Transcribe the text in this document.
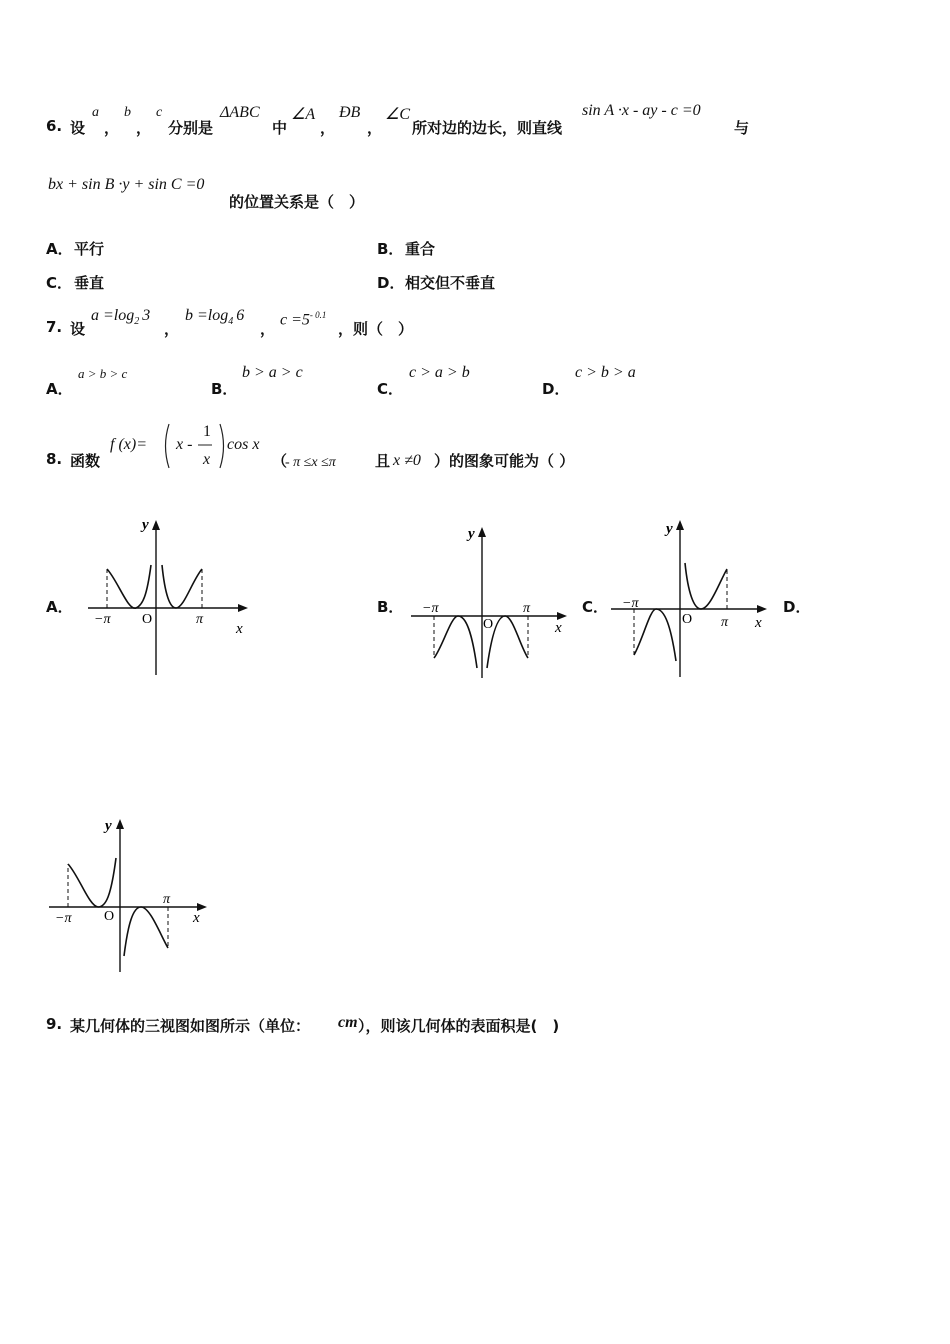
6. 设
a
，
b
，
c
分别是
ΔABC
中
∠A
，
ÐB
，
∠C
所对边的边长，则直线
sin A ·x - ay - c =0
与
bx + sin B ·y + sin C =0
的位置关系是（　）
A． 平行	B． 重合
C． 垂直	D． 相交但不垂直
7. 设
$a =\log_2$ 3
，
$b =\log_4$ 6
，
$c =5^{- 0.1}$
，则（　）
A．
a > b > c
B．
b > a > c
C．
c > a > b
D．
c > b > a
8. 函数
f (x)= x -
1
x
cos x
（
- π ≤x ≤π	且 x ≠0 ）的图象可能为（ ）
A．	B．	C．	D．
y
x
O
−π	π
y
x
O
−π	π
y
x
O
−π
π
y
x
O
−π
π
9. 某几何体的三视图如图所示（单位： cm ），则该几何体的表面积是(　)
